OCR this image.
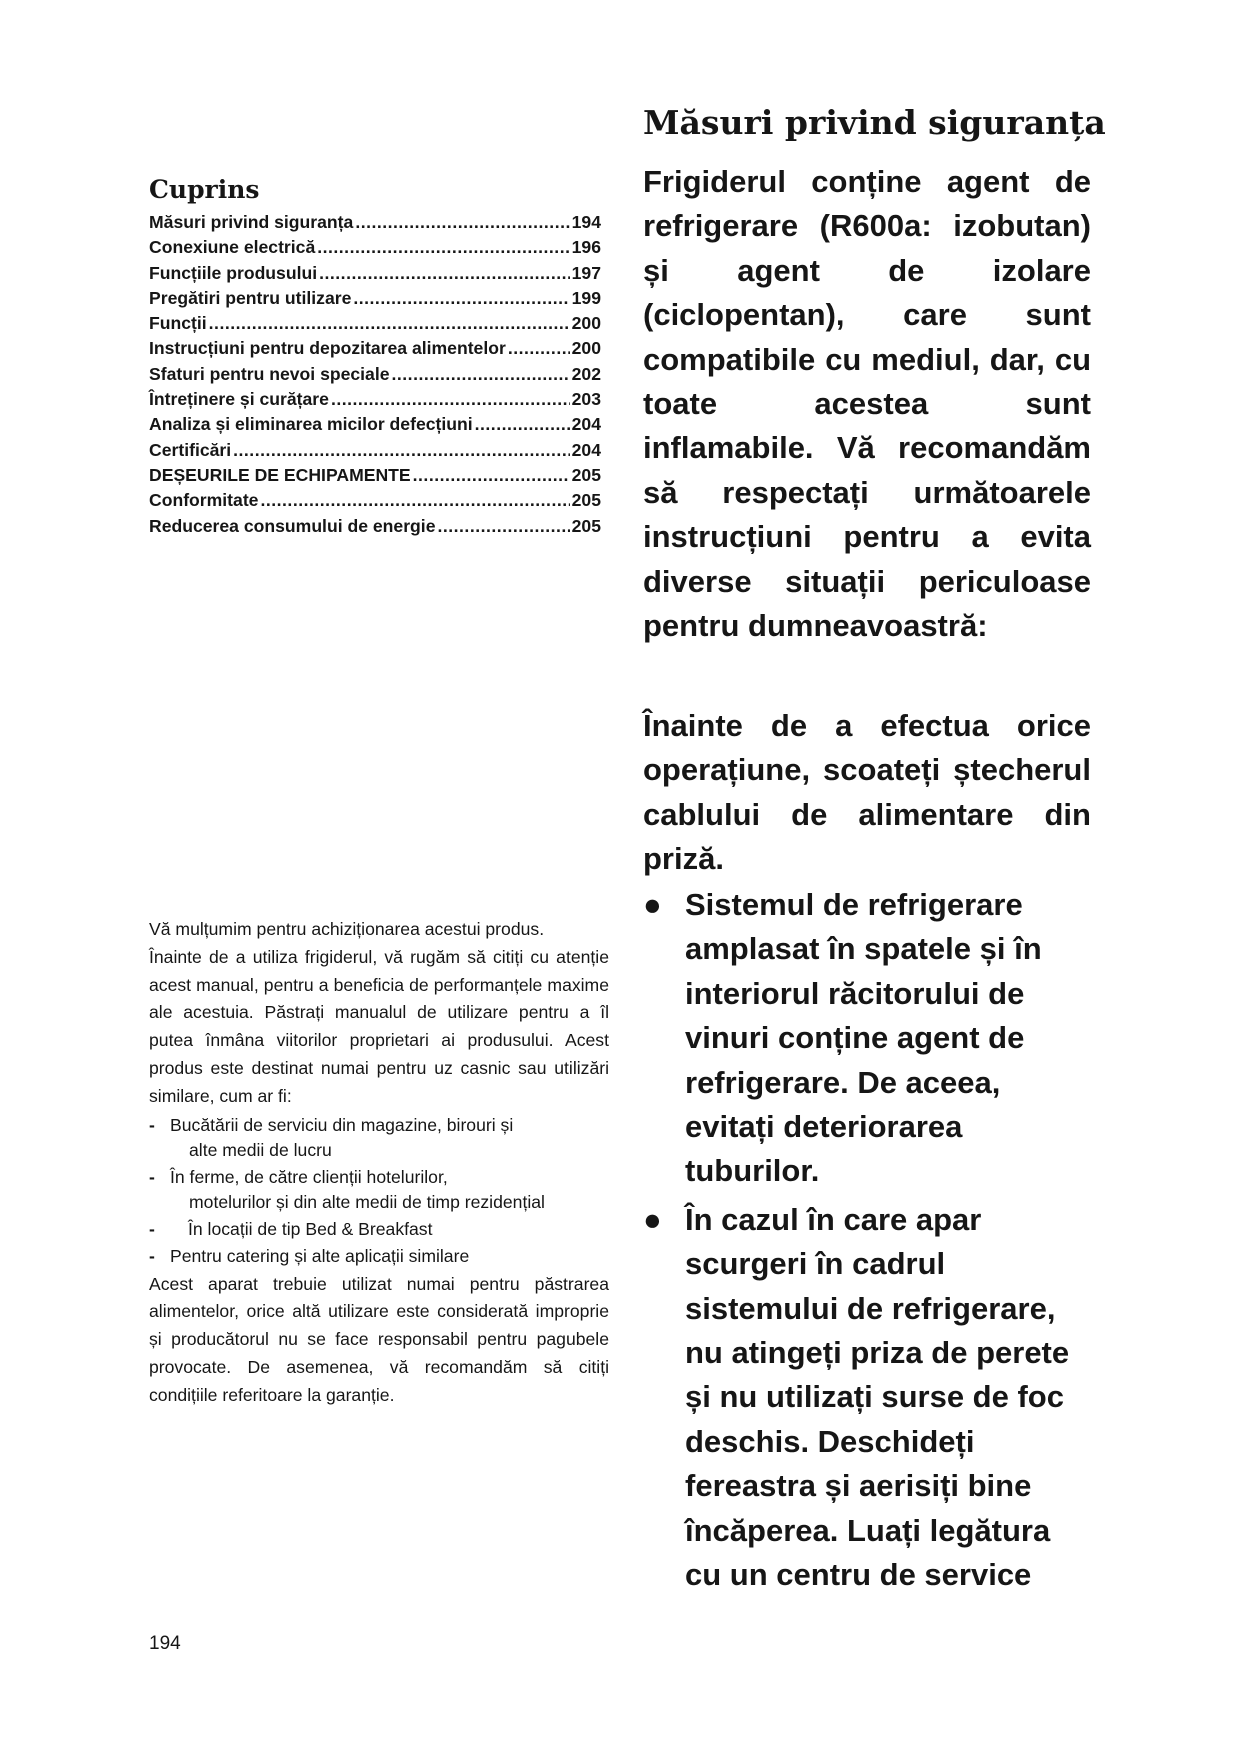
Cuprins
Măsuri privind siguranța .....	194
Conexiune electrică .....	196
Funcțiile produsului .....	197
Pregătiri pentru utilizare .....	199
Funcții .....	200
Instrucțiuni pentru depozitarea alimentelor .....	200
Sfaturi pentru nevoi speciale .....	202
Întreținere și curățare .....	203
Analiza și eliminarea micilor defecțiuni .....	204
Certificări .....	204
DEȘEURILE DE ECHIPAMENTE .....	205
Conformitate .....	205
Reducerea consumului de energie .....	205

Vă mulțumim pentru achiziționarea acestui produs.

Înainte de a utiliza frigiderul, vă rugăm să citiți cu atenție acest manual, pentru a beneficia de performanțele maxime ale acestuia. Păstrați manualul de utilizare pentru a îl putea înmâna viitorilor proprietari ai produsului. Acest produs este destinat numai pentru uz casnic sau utilizări similare, cum ar fi:

- Bucătării de serviciu din magazine, birouri și
alte medii de lucru
- În ferme, de către clienții hotelurilor,
motelurilor și din alte medii de timp rezidențial
- În locații de tip Bed & Breakfast
- Pentru catering și alte aplicații similare

Acest aparat trebuie utilizat numai pentru păstrarea alimentelor, orice altă utilizare este considerată improprie și producătorul nu se face responsabil pentru pagubele provocate. De asemenea, vă recomandăm să citiți condițiile referitoare la garanție.

194

Măsuri privind siguranța

Frigiderul conține agent de refrigerare (R600a: izobutan) și agent de izolare (ciclopentan), care sunt compatibile cu mediul, dar, cu toate acestea sunt inflamabile. Vă recomandăm să respectați următoarele instrucțiuni pentru a evita diverse situații periculoase pentru dumneavoastră:

Înainte de a efectua orice operațiune, scoateți ștecherul cablului de alimentare din priză.

● Sistemul de refrigerare amplasat în spatele și în interiorul răcitorului de vinuri conține agent de refrigerare. De aceea, evitați deteriorarea tuburilor.
● În cazul în care apar scurgeri în cadrul sistemului de refrigerare, nu atingeți priza de perete și nu utilizați surse de foc deschis. Deschideți fereastra și aerisiți bine încăperea. Luați legătura cu un centru de service
